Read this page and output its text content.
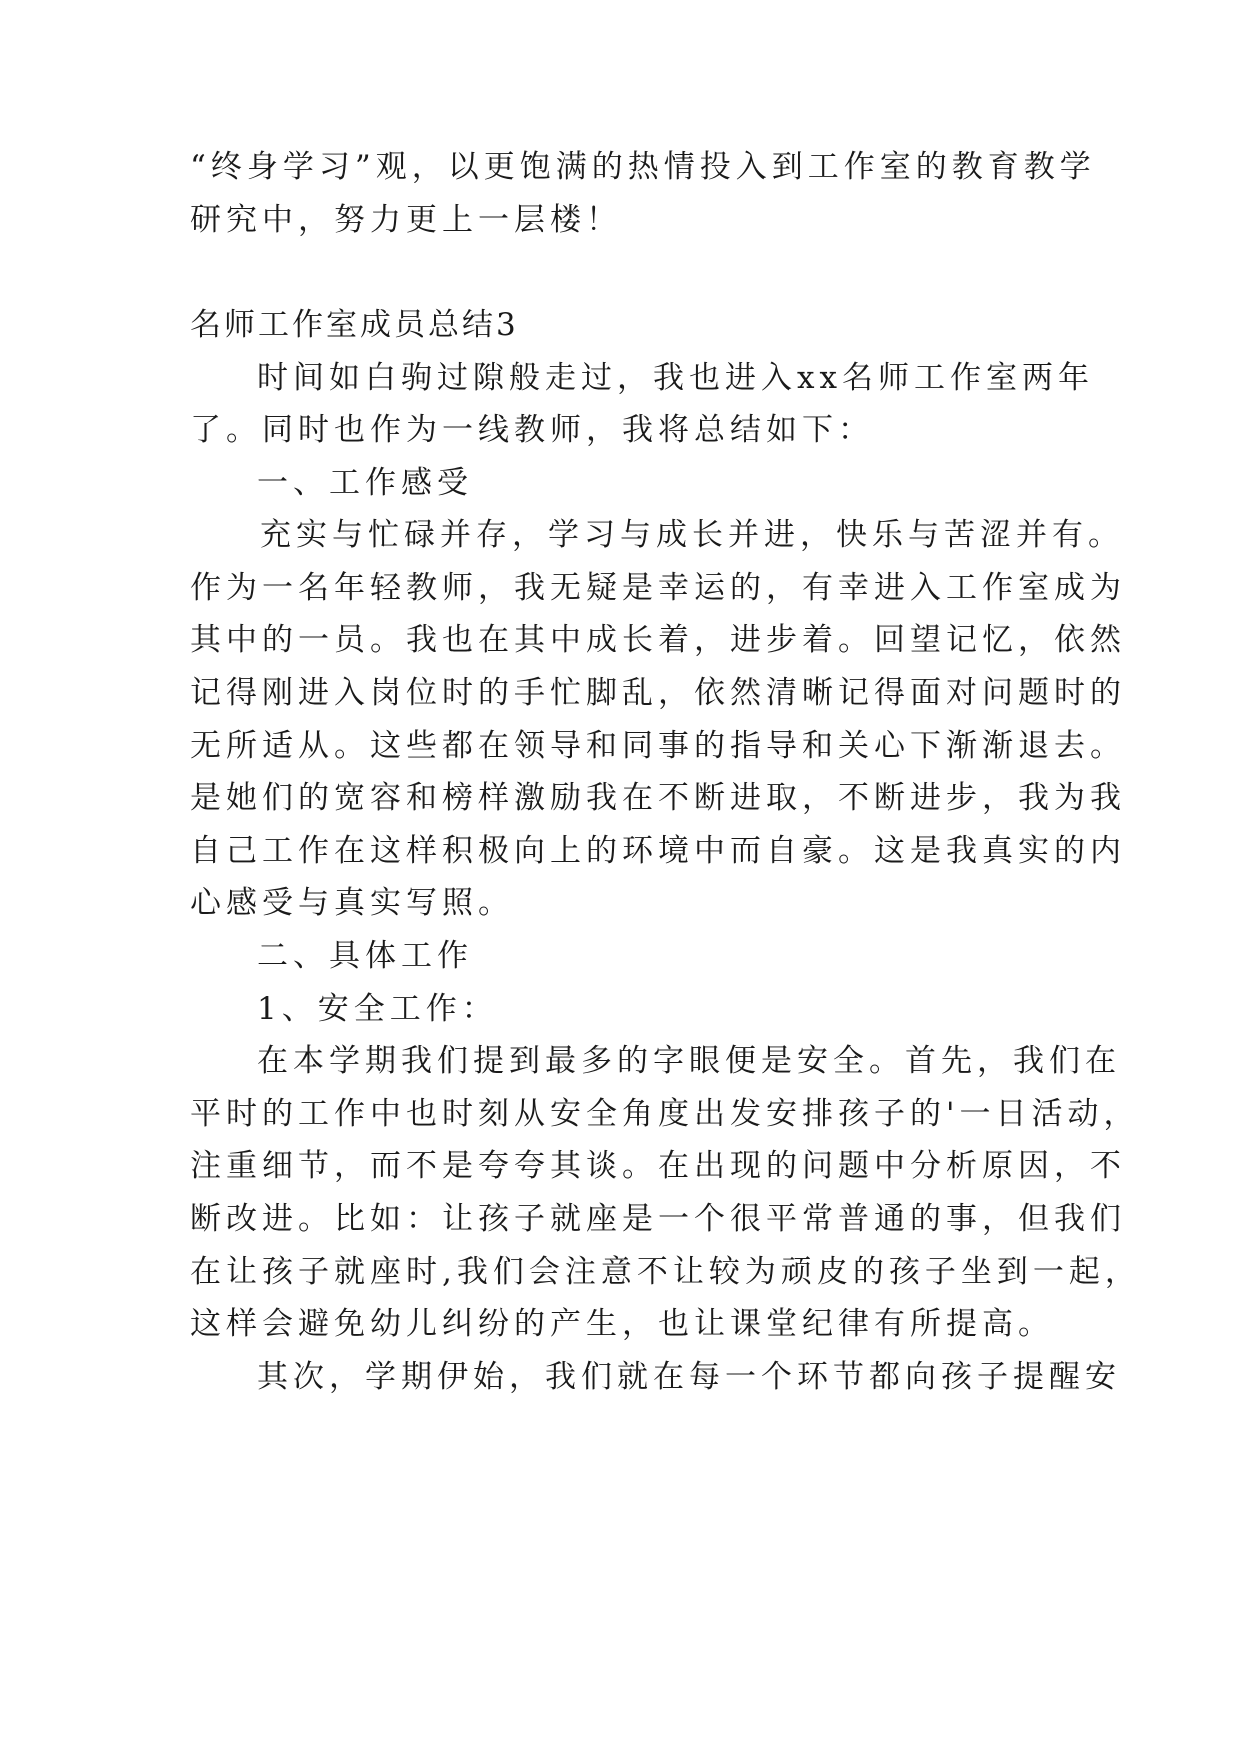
“终身学习”观，以更饱满的热情投入到工作室的教育教学
研究中，努力更上一层楼！
名师工作室成员总结3
时间如白驹过隙般走过，我也进入xx名师工作室两年
了。同时也作为一线教师，我将总结如下：
一、工作感受
充实与忙碌并存，学习与成长并进，快乐与苦涩并有。
作为一名年轻教师，我无疑是幸运的，有幸进入工作室成为
其中的一员。我也在其中成长着，进步着。回望记忆，依然
记得刚进入岗位时的手忙脚乱，依然清晰记得面对问题时的
无所适从。这些都在领导和同事的指导和关心下渐渐退去。
是她们的宽容和榜样激励我在不断进取，不断进步，我为我
自己工作在这样积极向上的环境中而自豪。这是我真实的内
心感受与真实写照。
二、具体工作
1、安全工作：
在本学期我们提到最多的字眼便是安全。首先，我们在
平时的工作中也时刻从安全角度出发安排孩子的'一日活动，
注重细节，而不是夸夸其谈。在出现的问题中分析原因，不
断改进。比如：让孩子就座是一个很平常普通的事，但我们
在让孩子就座时,我们会注意不让较为顽皮的孩子坐到一起，
这样会避免幼儿纠纷的产生，也让课堂纪律有所提高。
其次，学期伊始，我们就在每一个环节都向孩子提醒安
